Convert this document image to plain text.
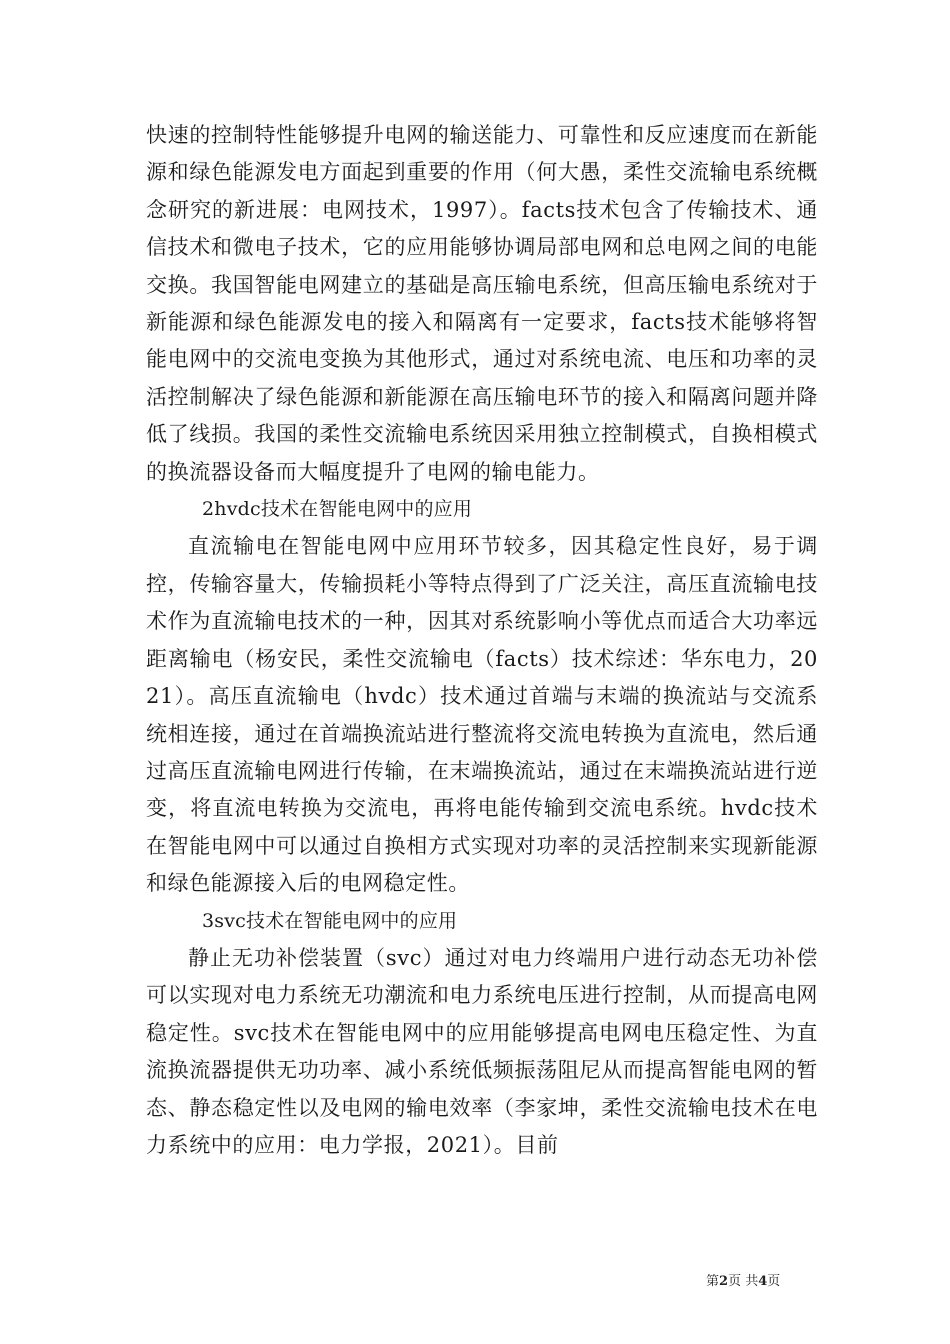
快速的控制特性能够提升电网的输送能力、可靠性和反应速度而在新能源和绿色能源发电方面起到重要的作用（何大愚，柔性交流输电系统概念研究的新进展：电网技术，1997）。facts技术包含了传输技术、通信技术和微电子技术，它的应用能够协调局部电网和总电网之间的电能交换。我国智能电网建立的基础是高压输电系统，但高压输电系统对于新能源和绿色能源发电的接入和隔离有一定要求，facts技术能够将智能电网中的交流电变换为其他形式，通过对系统电流、电压和功率的灵活控制解决了绿色能源和新能源在高压输电环节的接入和隔离问题并降低了线损。我国的柔性交流输电系统因采用独立控制模式，自换相模式的换流器设备而大幅度提升了电网的输电能力。

2hvdc技术在智能电网中的应用

直流输电在智能电网中应用环节较多，因其稳定性良好，易于调控，传输容量大，传输损耗小等特点得到了广泛关注，高压直流输电技术作为直流输电技术的一种，因其对系统影响小等优点而适合大功率远距离输电（杨安民，柔性交流输电（facts）技术综述：华东电力，2021）。高压直流输电（hvdc）技术通过首端与末端的换流站与交流系统相连接，通过在首端换流站进行整流将交流电转换为直流电，然后通过高压直流输电网进行传输，在末端换流站，通过在末端换流站进行逆变，将直流电转换为交流电，再将电能传输到交流电系统。hvdc技术在智能电网中可以通过自换相方式实现对功率的灵活控制来实现新能源和绿色能源接入后的电网稳定性。

3svc技术在智能电网中的应用

静止无功补偿装置（svc）通过对电力终端用户进行动态无功补偿可以实现对电力系统无功潮流和电力系统电压进行控制，从而提高电网稳定性。svc技术在智能电网中的应用能够提高电网电压稳定性、为直流换流器提供无功功率、减小系统低频振荡阻尼从而提高智能电网的暂态、静态稳定性以及电网的输电效率（李家坤，柔性交流输电技术在电力系统中的应用：电力学报，2021）。目前

第2页 共4页
